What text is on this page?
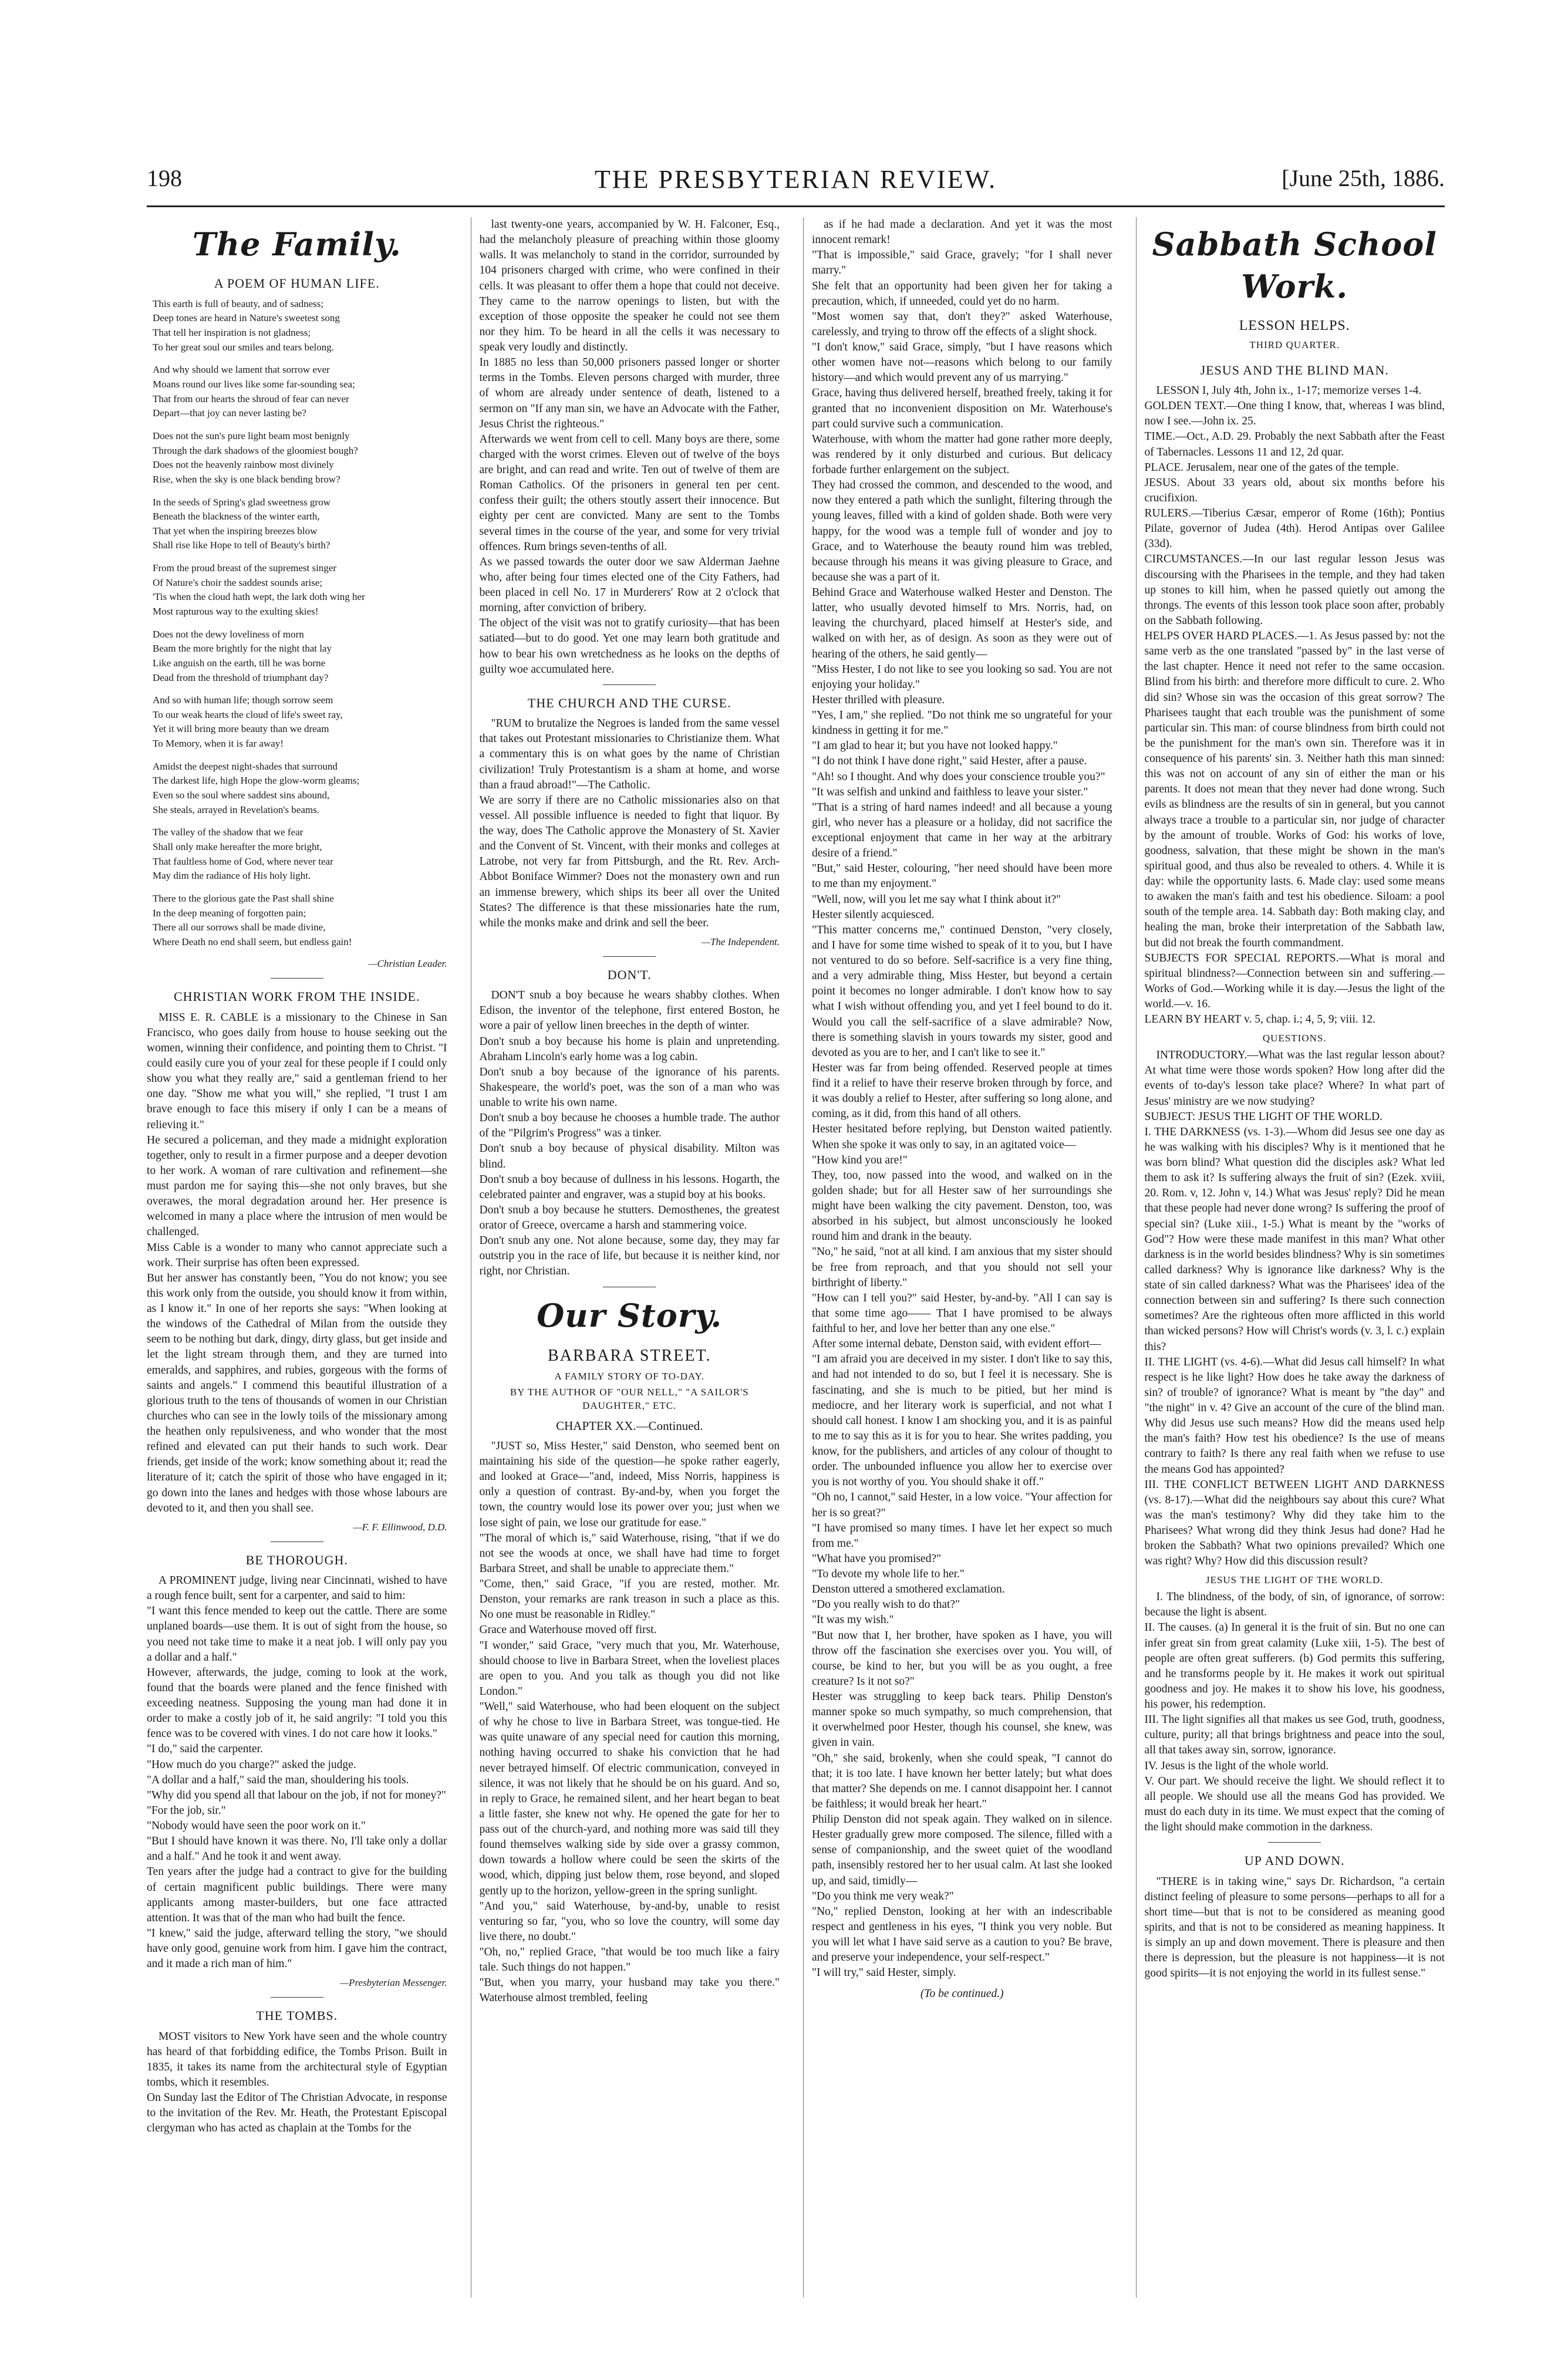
198	THE PRESBYTERIAN REVIEW.	[June 25th, 1886.
The Family.
A POEM OF HUMAN LIFE.

This earth is full of beauty, and of sadness;
Deep tones are heard in Nature's sweetest song
That tell her inspiration is not gladness;
To her great soul our smiles and tears belong.

And why should we lament that sorrow ever
Moans round our lives like some far-sounding sea;
That from our hearts the shroud of fear can never
Depart—that joy can never lasting be?

Does not the sun's pure light beam most benignly
Through the dark shadows of the gloomiest bough?
Does not the heavenly rainbow most divinely
Rise, when the sky is one black bending brow?

In the seeds of Spring's glad sweetness grow
Beneath the blackness of the winter earth,
That yet when the inspiring breezes blow
Shall rise like Hope to tell of Beauty's birth?

From the proud breast of the supremest singer
Of Nature's choir the saddest sounds arise;
'Tis when the cloud hath wept, the lark doth wing her
Most rapturous way to the exulting skies!

Does not the dewy loveliness of morn
Beam the more brightly for the night that lay
Like anguish on the earth, till he was borne
Dead from the threshold of triumphant day?

And so with human life; though sorrow seem
To our weak hearts the cloud of life's sweet ray,
Yet it will bring more beauty than we dream
To Memory, when it is far away!

Amidst the deepest night-shades that surround
The darkest life, high Hope the glow-worm gleams;
Even so the soul where saddest sins abound,
She steals, arrayed in Revelation's beams.

The valley of the shadow that we fear
Shall only make hereafter the more bright,
That faultless home of God, where never tear
May dim the radiance of His holy light.

There to the glorious gate the Past shall shine
In the deep meaning of forgotten pain;
There all our sorrows shall be made divine,
Where Death no end shall seem, but endless gain!

—Christian Leader.
CHRISTIAN WORK FROM THE INSIDE.
MISS E. R. CABLE is a missionary to the Chinese in San Francisco, who goes daily from house to house seeking out the women, winning their confidence, and pointing them to Christ. "I could easily cure you of your zeal for these people if I could only show you what they really are," said a gentleman friend to her one day. "Show me what you will," she replied, "I trust I am brave enough to face this misery if only I can be a means of relieving it."
He secured a policeman, and they made a midnight exploration together, only to result in a firmer purpose and a deeper devotion to her work. A woman of rare cultivation and refinement—she must pardon me for saying this—she not only braves, but she overawes, the moral degradation around her. Her presence is welcomed in many a place where the intrusion of men would be challenged.
Miss Cable is a wonder to many who cannot appreciate such a work. Their surprise has often been expressed.
But her answer has constantly been, "You do not know; you see this work only from the outside, you should know it from within, as I know it." In one of her reports she says: "When looking at the windows of the Cathedral of Milan from the outside they seem to be nothing but dark, dingy, dirty glass, but get inside and let the light stream through them, and they are turned into emeralds, and sapphires, and rubies, gorgeous with the forms of saints and angels." I commend this beautiful illustration of a glorious truth to the tens of thousands of women in our Christian churches who can see in the lowly toils of the missionary among the heathen only repulsiveness, and who wonder that the most refined and elevated can put their hands to such work. Dear friends, get inside of the work; know something about it; read the literature of it; catch the spirit of those who have engaged in it; go down into the lanes and hedges with those whose labours are devoted to it, and then you shall see.
—F. F. Ellinwood, D.D.
BE THOROUGH.
A PROMINENT judge, living near Cincinnati, wished to have a rough fence built, sent for a carpenter, and said to him:
"I want this fence mended to keep out the cattle. There are some unplaned boards—use them. It is out of sight from the house, so you need not take time to make it a neat job. I will only pay you a dollar and a half."
However, afterwards, the judge, coming to look at the work, found that the boards were planed and the fence finished with exceeding neatness. Supposing the young man had done it in order to make a costly job of it, he said angrily: "I told you this fence was to be covered with vines. I do not care how it looks."
"I do," said the carpenter.
"How much do you charge?" asked the judge.
"A dollar and a half," said the man, shouldering his tools.
"Why did you spend all that labour on the job, if not for money?"
"For the job, sir."
"Nobody would have seen the poor work on it."
"But I should have known it was there. No, I'll take only a dollar and a half." And he took it and went away.
Ten years after the judge had a contract to give for the building of certain magnificent public buildings. There were many applicants among master-builders, but one face attracted attention. It was that of the man who had built the fence.
"I knew," said the judge, afterward telling the story, "we should have only good, genuine work from him. I gave him the contract, and it made a rich man of him."
—Presbyterian Messenger.
THE TOMBS.
MOST visitors to New York have seen and the whole country has heard of that forbidding edifice, the Tombs Prison. Built in 1835, it takes its name from the architectural style of Egyptian tombs, which it resembles.
On Sunday last the Editor of The Christian Advocate, in response to the invitation of the Rev. Mr. Heath, the Protestant Episcopal clergyman who has acted as chaplain at the Tombs for the
last twenty-one years, accompanied by W. H. Falconer, Esq., had the melancholy pleasure of preaching within those gloomy walls. It was melancholy to stand in the corridor, surrounded by 104 prisoners charged with crime, who were confined in their cells. It was pleasant to offer them a hope that could not deceive. They came to the narrow openings to listen, but with the exception of those opposite the speaker he could not see them nor they him. To be heard in all the cells it was necessary to speak very loudly and distinctly.
In 1885 no less than 50,000 prisoners passed longer or shorter terms in the Tombs. Eleven persons charged with murder, three of whom are already under sentence of death, listened to a sermon on "If any man sin, we have an Advocate with the Father, Jesus Christ the righteous."
Afterwards we went from cell to cell. Many boys are there, some charged with the worst crimes. Eleven out of twelve of the boys are bright, and can read and write. Ten out of twelve of them are Roman Catholics. Of the prisoners in general ten per cent. confess their guilt; the others stoutly assert their innocence. But eighty per cent are convicted. Many are sent to the Tombs several times in the course of the year, and some for very trivial offences. Rum brings seven-tenths of all.
As we passed towards the outer door we saw Alderman Jaehne who, after being four times elected one of the City Fathers, had been placed in cell No. 17 in Murderers' Row at 2 o'clock that morning, after conviction of bribery.
The object of the visit was not to gratify curiosity—that has been satiated—but to do good. Yet one may learn both gratitude and how to bear his own wretchedness as he looks on the depths of guilty woe accumulated here.
THE CHURCH AND THE CURSE.
"RUM to brutalize the Negroes is landed from the same vessel that takes out Protestant missionaries to Christianize them. What a commentary this is on what goes by the name of Christian civilization! Truly Protestantism is a sham at home, and worse than a fraud abroad!"—The Catholic.
We are sorry if there are no Catholic missionaries also on that vessel. All possible influence is needed to fight that liquor. By the way, does The Catholic approve the Monastery of St. Xavier and the Convent of St. Vincent, with their monks and colleges at Latrobe, not very far from Pittsburgh, and the Rt. Rev. Arch-Abbot Boniface Wimmer? Does not the monastery own and run an immense brewery, which ships its beer all over the United States? The difference is that these missionaries hate the rum, while the monks make and drink and sell the beer.
—The Independent.
DON'T.
DON'T snub a boy because he wears shabby clothes. When Edison, the inventor of the telephone, first entered Boston, he wore a pair of yellow linen breeches in the depth of winter.
Don't snub a boy because his home is plain and unpretending. Abraham Lincoln's early home was a log cabin.
Don't snub a boy because of the ignorance of his parents. Shakespeare, the world's poet, was the son of a man who was unable to write his own name.
Don't snub a boy because he chooses a humble trade. The author of the "Pilgrim's Progress" was a tinker.
Don't snub a boy because of physical disability. Milton was blind.
Don't snub a boy because of dullness in his lessons. Hogarth, the celebrated painter and engraver, was a stupid boy at his books.
Don't snub a boy because he stutters. Demosthenes, the greatest orator of Greece, overcame a harsh and stammering voice.
Don't snub any one. Not alone because, some day, they may far outstrip you in the race of life, but because it is neither kind, nor right, nor Christian.
Our Story.
BARBARA STREET.
A FAMILY STORY OF TO-DAY.
BY THE AUTHOR OF "OUR NELL," "A SAILOR'S DAUGHTER," ETC.
CHAPTER XX.—Continued.
"JUST so, Miss Hester," said Denston, who seemed bent on maintaining his side of the question—he spoke rather eagerly, and looked at Grace—"and, indeed, Miss Norris, happiness is only a question of contrast. By-and-by, when you forget the town, the country would lose its power over you; just when we lose sight of pain, we lose our gratitude for ease."
"The moral of which is," said Waterhouse, rising, "that if we do not see the woods at once, we shall have had time to forget Barbara Street, and shall be unable to appreciate them."
"Come, then," said Grace, "if you are rested, mother. Mr. Denston, your remarks are rank treason in such a place as this. No one must be reasonable in Ridley."
Grace and Waterhouse moved off first.
"I wonder," said Grace, "very much that you, Mr. Waterhouse, should choose to live in Barbara Street, when the loveliest places are open to you. And you talk as though you did not like London."
"Well," said Waterhouse, who had been eloquent on the subject of why he chose to live in Barbara Street, was tongue-tied. He was quite unaware of any special need for caution this morning, nothing having occurred to shake his conviction that he had never betrayed himself. Of electric communication, conveyed in silence, it was not likely that he should be on his guard. And so, in reply to Grace, he remained silent, and her heart began to beat a little faster, she knew not why. He opened the gate for her to pass out of the church-yard, and nothing more was said till they found themselves walking side by side over a grassy common, down towards a hollow where could be seen the skirts of the wood, which, dipping just below them, rose beyond, and sloped gently up to the horizon, yellow-green in the spring sunlight.
"And you," said Waterhouse, by-and-by, unable to resist venturing so far, "you, who so love the country, will some day live there, no doubt."
"Oh, no," replied Grace, "that would be too much like a fairy tale. Such things do not happen."
"But, when you marry, your husband may take you there." Waterhouse almost trembled, feeling
as if he had made a declaration. And yet it was the most innocent remark!
"That is impossible," said Grace, gravely; "for I shall never marry."
She felt that an opportunity had been given her for taking a precaution, which, if unneeded, could yet do no harm.
"Most women say that, don't they?" asked Waterhouse, carelessly, and trying to throw off the effects of a slight shock.
"I don't know," said Grace, simply, "but I have reasons which other women have not—reasons which belong to our family history—and which would prevent any of us marrying."
Grace, having thus delivered herself, breathed freely, taking it for granted that no inconvenient disposition on Mr. Waterhouse's part could survive such a communication.
Waterhouse, with whom the matter had gone rather more deeply, was rendered by it only disturbed and curious. But delicacy forbade further enlargement on the subject.
They had crossed the common, and descended to the wood, and now they entered a path which the sunlight, filtering through the young leaves, filled with a kind of golden shade. Both were very happy, for the wood was a temple full of wonder and joy to Grace, and to Waterhouse the beauty round him was trebled, because through his means it was giving pleasure to Grace, and because she was a part of it.
Behind Grace and Waterhouse walked Hester and Denston. The latter, who usually devoted himself to Mrs. Norris, had, on leaving the churchyard, placed himself at Hester's side, and walked on with her, as of design. As soon as they were out of hearing of the others, he said gently—
"Miss Hester, I do not like to see you looking so sad. You are not enjoying your holiday."
Hester thrilled with pleasure.
"Yes, I am," she replied. "Do not think me so ungrateful for your kindness in getting it for me."
"I am glad to hear it; but you have not looked happy."
"I do not think I have done right," said Hester, after a pause.
"Ah! so I thought. And why does your conscience trouble you?"
"It was selfish and unkind and faithless to leave your sister."
"That is a string of hard names indeed! and all because a young girl, who never has a pleasure or a holiday, did not sacrifice the exceptional enjoyment that came in her way at the arbitrary desire of a friend."
"But," said Hester, colouring, "her need should have been more to me than my enjoyment."
"Well, now, will you let me say what I think about it?"
Hester silently acquiesced.
"This matter concerns me," continued Denston, "very closely, and I have for some time wished to speak of it to you, but I have not ventured to do so before. Self-sacrifice is a very fine thing, and a very admirable thing, Miss Hester, but beyond a certain point it becomes no longer admirable. I don't know how to say what I wish without offending you, and yet I feel bound to do it. Would you call the self-sacrifice of a slave admirable? Now, there is something slavish in yours towards my sister, good and devoted as you are to her, and I can't like to see it."
Hester was far from being offended. Reserved people at times find it a relief to have their reserve broken through by force, and it was doubly a relief to Hester, after suffering so long alone, and coming, as it did, from this hand of all others.
Hester hesitated before replying, but Denston waited patiently. When she spoke it was only to say, in an agitated voice—
"How kind you are!"
They, too, now passed into the wood, and walked on in the golden shade; but for all Hester saw of her surroundings she might have been walking the city pavement. Denston, too, was absorbed in his subject, but almost unconsciously he looked round him and drank in the beauty.
"No," he said, "not at all kind. I am anxious that my sister should be free from reproach, and that you should not sell your birthright of liberty."
"How can I tell you?" said Hester, by-and-by. "All I can say is that some time ago—— That I have promised to be always faithful to her, and love her better than any one else."
After some internal debate, Denston said, with evident effort—
"I am afraid you are deceived in my sister. I don't like to say this, and had not intended to do so, but I feel it is necessary. She is fascinating, and she is much to be pitied, but her mind is mediocre, and her literary work is superficial, and not what I should call honest. I know I am shocking you, and it is as painful to me to say this as it is for you to hear. She writes padding, you know, for the publishers, and articles of any colour of thought to order. The unbounded influence you allow her to exercise over you is not worthy of you. You should shake it off."
"Oh no, I cannot," said Hester, in a low voice. "Your affection for her is so great?"
"I have promised so many times. I have let her expect so much from me."
"What have you promised?"
"To devote my whole life to her."
Denston uttered a smothered exclamation.
"Do you really wish to do that?"
"It was my wish."
"But now that I, her brother, have spoken as I have, you will throw off the fascination she exercises over you. You will, of course, be kind to her, but you will be as you ought, a free creature? Is it not so?"
Hester was struggling to keep back tears. Philip Denston's manner spoke so much sympathy, so much comprehension, that it overwhelmed poor Hester, though his counsel, she knew, was given in vain.
"Oh," she said, brokenly, when she could speak, "I cannot do that; it is too late. I have known her better lately; but what does that matter? She depends on me. I cannot disappoint her. I cannot be faithless; it would break her heart."
Philip Denston did not speak again. They walked on in silence. Hester gradually grew more composed. The silence, filled with a sense of companionship, and the sweet quiet of the woodland path, insensibly restored her to her usual calm. At last she looked up, and said, timidly—
"Do you think me very weak?"
"No," replied Denston, looking at her with an indescribable respect and gentleness in his eyes, "I think you very noble. But you will let what I have said serve as a caution to you? Be brave, and preserve your independence, your self-respect."
"I will try," said Hester, simply.
(To be continued.)
Sabbath School Work.
LESSON HELPS.
THIRD QUARTER.
JESUS AND THE BLIND MAN.
LESSON I, July 4th, John ix., 1-17; memorize verses 1-4.
GOLDEN TEXT.—One thing I know, that, whereas I was blind, now I see.—John ix. 25.
TIME.—Oct., A.D. 29. Probably the next Sabbath after the Feast of Tabernacles. Lessons 11 and 12, 2d quar.
PLACE. Jerusalem, near one of the gates of the temple.
JESUS. About 33 years old, about six months before his crucifixion.
RULERS.—Tiberius Cæsar, emperor of Rome (16th); Pontius Pilate, governor of Judea (4th). Herod Antipas over Galilee (33d).
CIRCUMSTANCES.—In our last regular lesson Jesus was discoursing with the Pharisees in the temple, and they had taken up stones to kill him, when he passed quietly out among the throngs. The events of this lesson took place soon after, probably on the Sabbath following.
HELPS OVER HARD PLACES.—1. As Jesus passed by: not the same verb as the one translated "passed by" in the last verse of the last chapter. Hence it need not refer to the same occasion. Blind from his birth: and therefore more difficult to cure. 2. Who did sin? Whose sin was the occasion of this great sorrow? The Pharisees taught that each trouble was the punishment of some particular sin. This man: of course blindness from birth could not be the punishment for the man's own sin. Therefore was it in consequence of his parents' sin. 3. Neither hath this man sinned: this was not on account of any sin of either the man or his parents. It does not mean that they never had done wrong. Such evils as blindness are the results of sin in general, but you cannot always trace a trouble to a particular sin, nor judge of character by the amount of trouble. Works of God: his works of love, goodness, salvation, that these might be shown in the man's spiritual good, and thus also be revealed to others. 4. While it is day: while the opportunity lasts. 6. Made clay: used some means to awaken the man's faith and test his obedience. Siloam: a pool south of the temple area. 14. Sabbath day: Both making clay, and healing the man, broke their interpretation of the Sabbath law, but did not break the fourth commandment.
SUBJECTS FOR SPECIAL REPORTS.—What is moral and spiritual blindness?—Connection between sin and suffering.—Works of God.—Working while it is day.—Jesus the light of the world.—v. 16.
LEARN BY HEART v. 5, chap. i.; 4, 5, 9; viii. 12.
QUESTIONS.
INTRODUCTORY.—What was the last regular lesson about? At what time were those words spoken? How long after did the events of to-day's lesson take place? Where? In what part of Jesus' ministry are we now studying?
SUBJECT: JESUS THE LIGHT OF THE WORLD.
I. THE DARKNESS (vs. 1-3).—Whom did Jesus see one day as he was walking with his disciples? Why is it mentioned that he was born blind? What question did the disciples ask? What led them to ask it? Is suffering always the fruit of sin? (Ezek. xviii, 20. Rom. v, 12. John v, 14.) What was Jesus' reply? Did he mean that these people had never done wrong? Is suffering the proof of special sin? (Luke xiii., 1-5.) What is meant by the "works of God"? How were these made manifest in this man? What other darkness is in the world besides blindness? Why is sin sometimes called darkness? Why is ignorance like darkness? Why is the state of sin called darkness? What was the Pharisees' idea of the connection between sin and suffering? Is there such connection sometimes? Are the righteous often more afflicted in this world than wicked persons? How will Christ's words (v. 3, l. c.) explain this?
II. THE LIGHT (vs. 4-6).—What did Jesus call himself? In what respect is he like light? How does he take away the darkness of sin? of trouble? of ignorance? What is meant by "the day" and "the night" in v. 4? Give an account of the cure of the blind man. Why did Jesus use such means? How did the means used help the man's faith? How test his obedience? Is the use of means contrary to faith? Is there any real faith when we refuse to use the means God has appointed?
III. THE CONFLICT BETWEEN LIGHT AND DARKNESS (vs. 8-17).—What did the neighbours say about this cure? What was the man's testimony? Why did they take him to the Pharisees? What wrong did they think Jesus had done? Had he broken the Sabbath? What two opinions prevailed? Which one was right? Why? How did this discussion result?
JESUS THE LIGHT OF THE WORLD.
I. The blindness, of the body, of sin, of ignorance, of sorrow: because the light is absent.
II. The causes. (a) In general it is the fruit of sin. But no one can infer great sin from great calamity (Luke xiii, 1-5). The best of people are often great sufferers. (b) God permits this suffering, and he transforms people by it. He makes it work out spiritual goodness and joy. He makes it to show his love, his goodness, his power, his redemption.
III. The light signifies all that makes us see God, truth, goodness, culture, purity; all that brings brightness and peace into the soul, all that takes away sin, sorrow, ignorance.
IV. Jesus is the light of the whole world.
V. Our part. We should receive the light. We should reflect it to all people. We should use all the means God has provided. We must do each duty in its time. We must expect that the coming of the light should make commotion in the darkness.
UP AND DOWN.
"THERE is in taking wine," says Dr. Richardson, "a certain distinct feeling of pleasure to some persons—perhaps to all for a short time—but that is not to be considered as meaning good spirits, and that is not to be considered as meaning happiness. It is simply an up and down movement. There is pleasure and then there is depression, but the pleasure is not happiness—it is not good spirits—it is not enjoying the world in its fullest sense."
